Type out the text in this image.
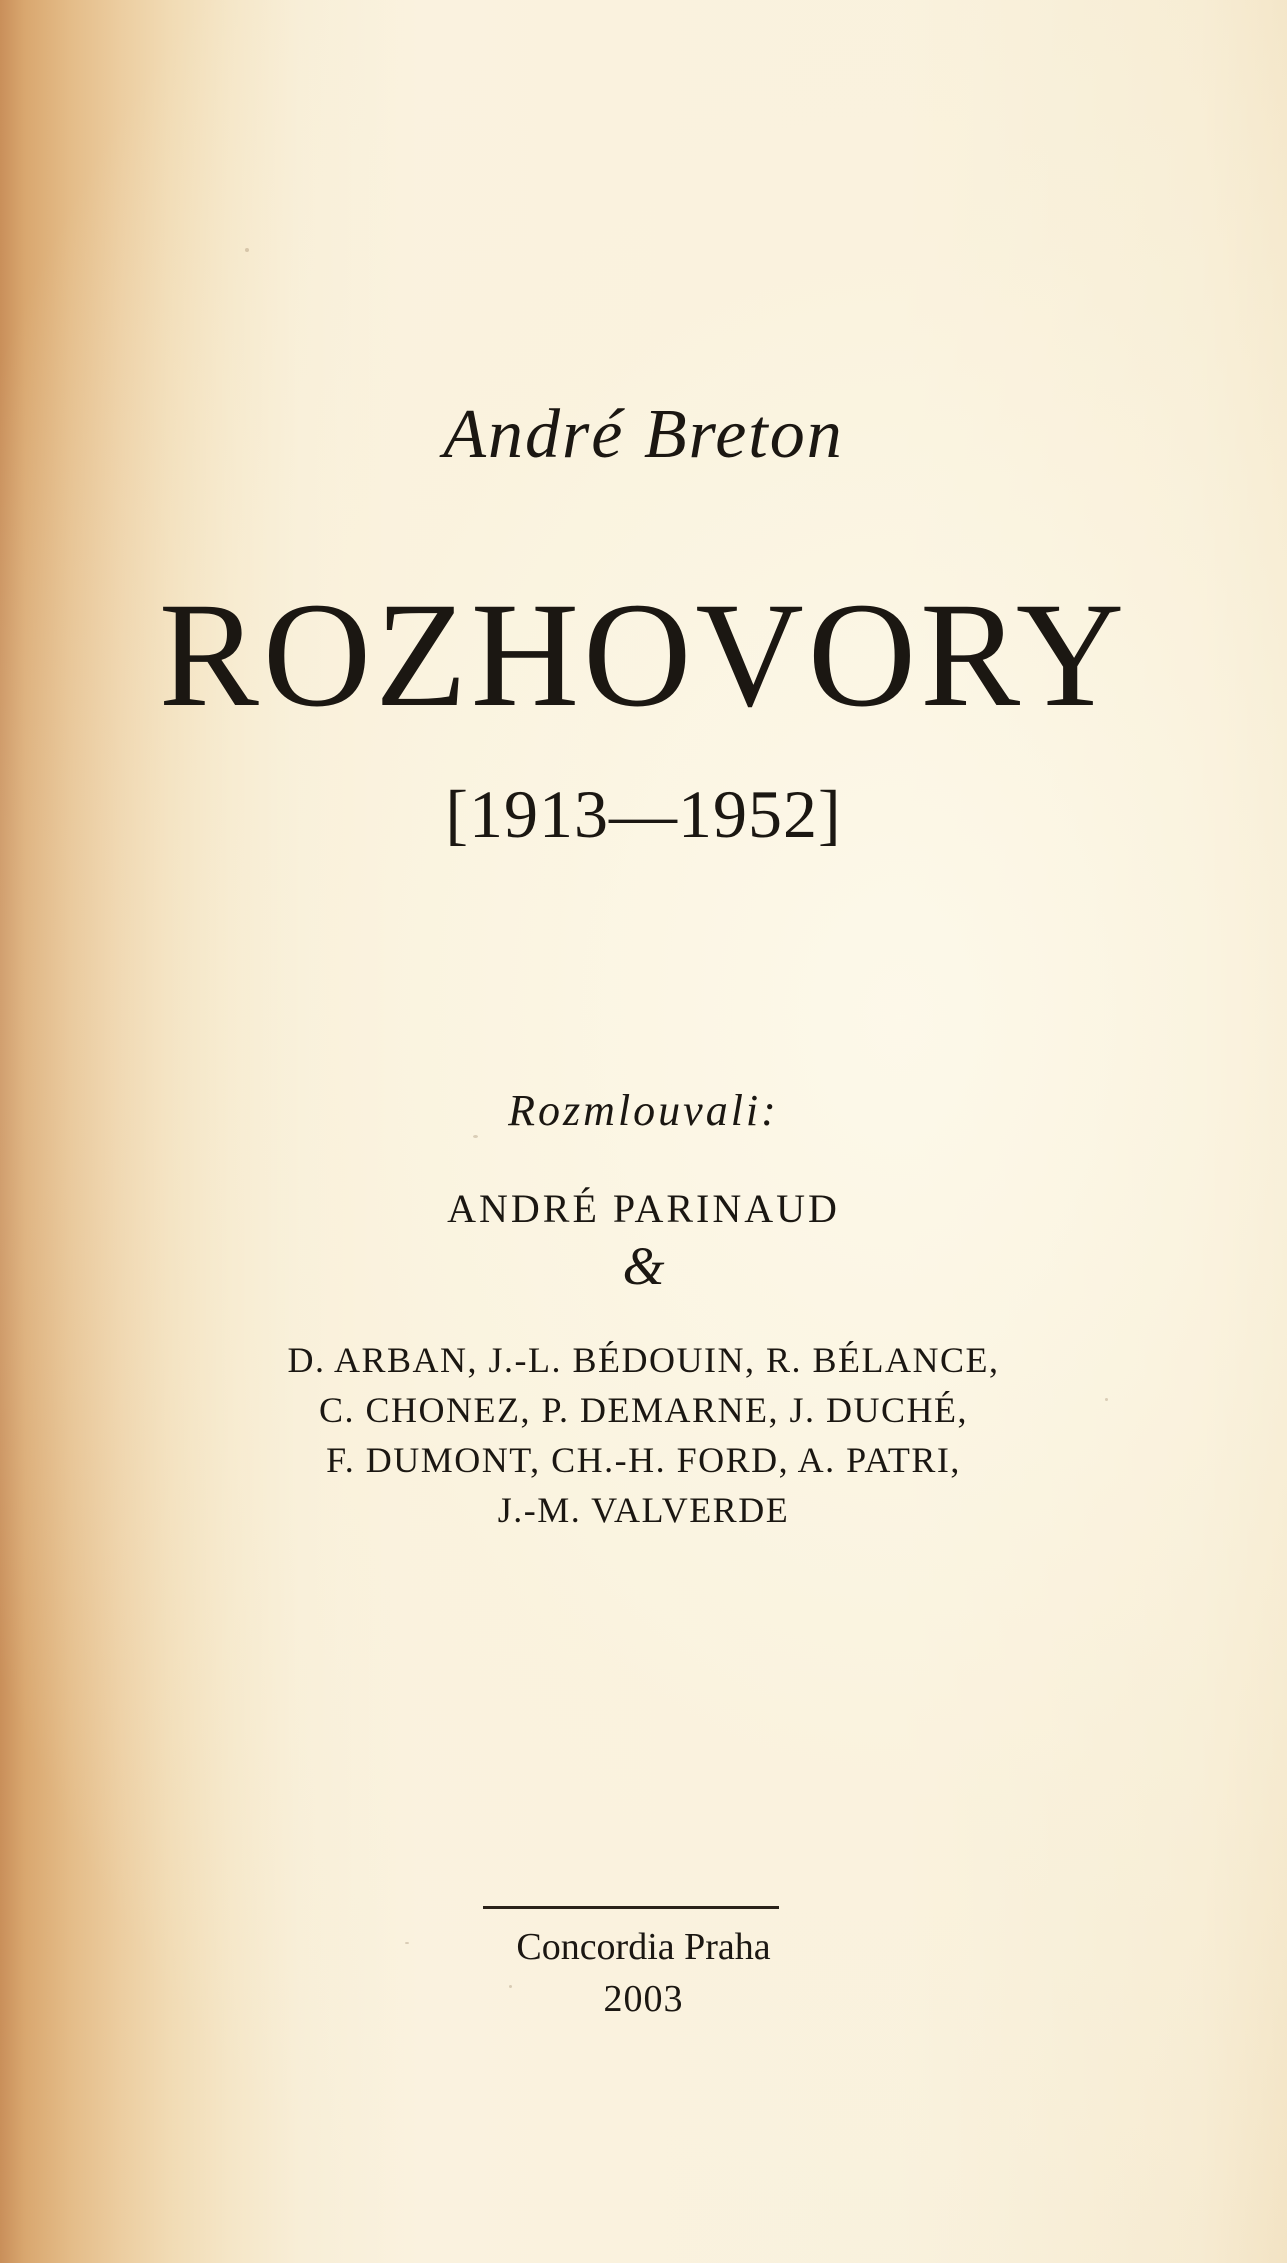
André Breton
ROZHOVORY
[1913—1952]
Rozmlouvali:
ANDRÉ PARINAUD
&
D. ARBAN, J.-L. BÉDOUIN, R. BÉLANCE,
C. CHONEZ, P. DEMARNE, J. DUCHÉ,
F. DUMONT, CH.-H. FORD, A. PATRI,
J.-M. VALVERDE
Concordia Praha
2003
